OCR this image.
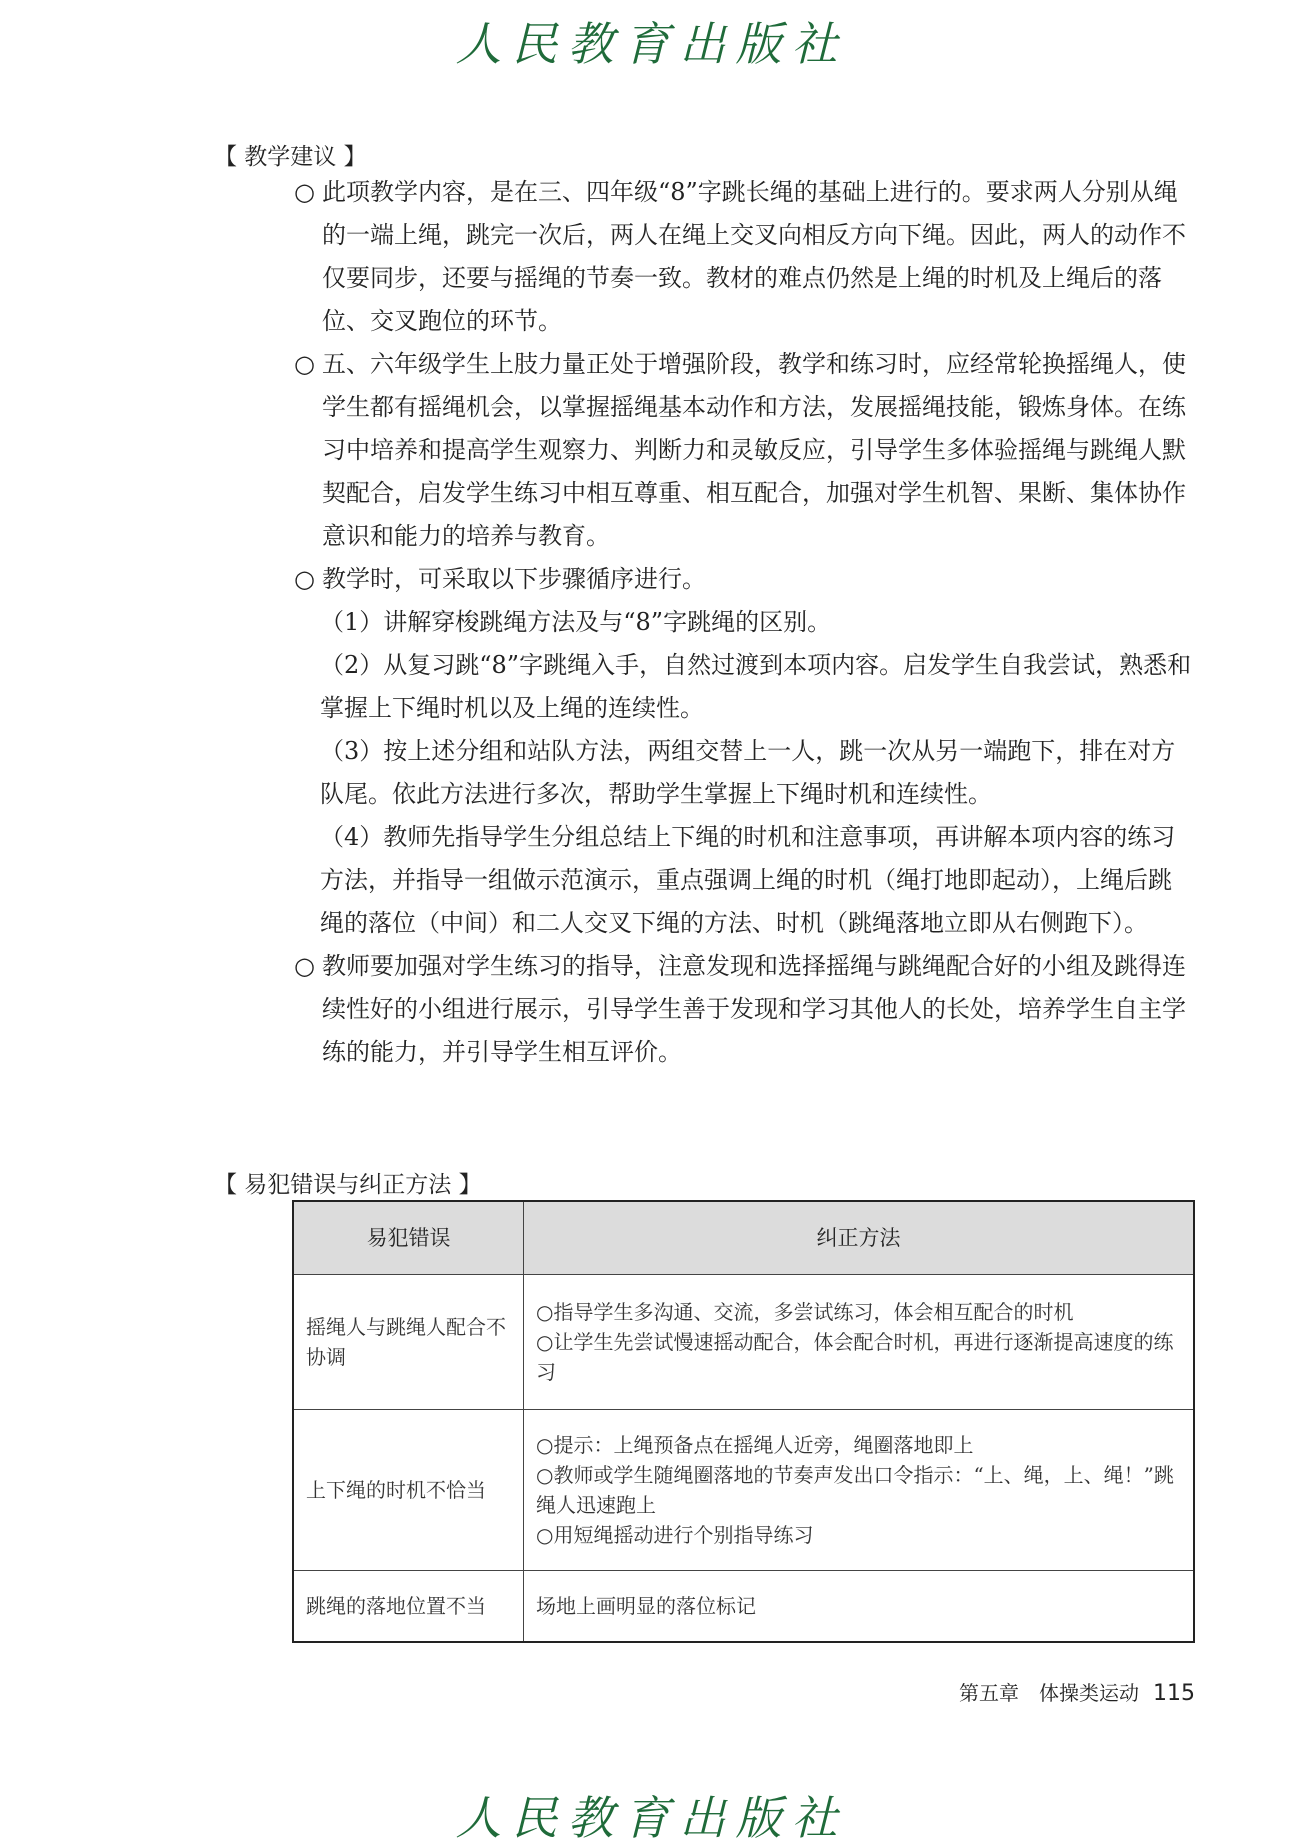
人民教育出版社
【 教学建议 】

○ 此项教学内容，是在三、四年级“8”字跳长绳的基础上进行的。要求两人分别从绳的一端上绳，跳完一次后，两人在绳上交叉向相反方向下绳。因此，两人的动作不仅要同步，还要与摇绳的节奏一致。教材的难点仍然是上绳的时机及上绳后的落位、交叉跑位的环节。

○ 五、六年级学生上肢力量正处于增强阶段，教学和练习时，应经常轮换摇绳人，使学生都有摇绳机会，以掌握摇绳基本动作和方法，发展摇绳技能，锻炼身体。在练习中培养和提高学生观察力、判断力和灵敏反应，引导学生多体验摇绳与跳绳人默契配合，启发学生练习中相互尊重、相互配合，加强对学生机智、果断、集体协作意识和能力的培养与教育。

○ 教学时，可采取以下步骤循序进行。

（1）讲解穿梭跳绳方法及与“8”字跳绳的区别。

（2）从复习跳“8”字跳绳入手，自然过渡到本项内容。启发学生自我尝试，熟悉和掌握上下绳时机以及上绳的连续性。

（3）按上述分组和站队方法，两组交替上一人，跳一次从另一端跑下，排在对方队尾。依此方法进行多次，帮助学生掌握上下绳时机和连续性。

（4）教师先指导学生分组总结上下绳的时机和注意事项，再讲解本项内容的练习方法，并指导一组做示范演示，重点强调上绳的时机（绳打地即起动），上绳后跳绳的落位（中间）和二人交叉下绳的方法、时机（跳绳落地立即从右侧跑下）。

○ 教师要加强对学生练习的指导，注意发现和选择摇绳与跳绳配合好的小组及跳得连续性好的小组进行展示，引导学生善于发现和学习其他人的长处，培养学生自主学练的能力，并引导学生相互评价。

【 易犯错误与纠正方法 】
易犯错误	纠正方法
摇绳人与跳绳人配合不协调	○指导学生多沟通、交流，多尝试练习，体会相互配合的时机
○让学生先尝试慢速摇动配合，体会配合时机，再进行逐渐提高速度的练习

上下绳的时机不恰当	○提示：上绳预备点在摇绳人近旁，绳圈落地即上
○教师或学生随绳圈落地的节奏声发出口令指示：“上、绳，上、绳！”跳绳人迅速跑上
○用短绳摇动进行个别指导练习

跳绳的落地位置不当	场地上画明显的落位标记
第五章　体操类运动 115
人民教育出版社
